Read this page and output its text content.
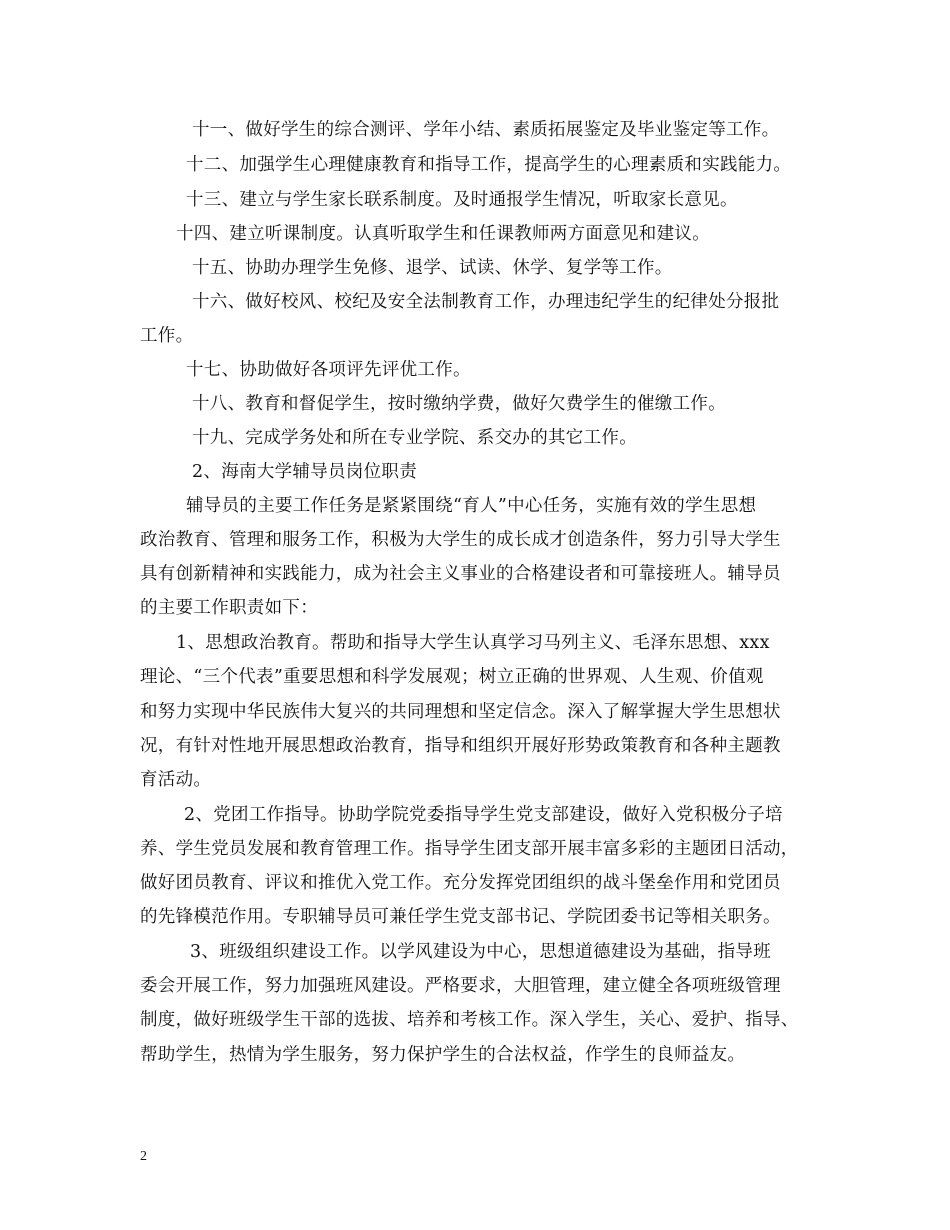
十一、做好学生的综合测评、学年小结、素质拓展鉴定及毕业鉴定等工作。
十二、加强学生心理健康教育和指导工作，提高学生的心理素质和实践能力。
十三、建立与学生家长联系制度。及时通报学生情况，听取家长意见。
十四、建立听课制度。认真听取学生和任课教师两方面意见和建议。
十五、协助办理学生免修、退学、试读、休学、复学等工作。
十六、做好校风、校纪及安全法制教育工作，办理违纪学生的纪律处分报批
工作。
十七、协助做好各项评先评优工作。
十八、教育和督促学生，按时缴纳学费，做好欠费学生的催缴工作。
十九、完成学务处和所在专业学院、系交办的其它工作。
2、海南大学辅导员岗位职责
辅导员的主要工作任务是紧紧围绕“育人”中心任务，实施有效的学生思想
政治教育、管理和服务工作，积极为大学生的成长成才创造条件，努力引导大学生
具有创新精神和实践能力，成为社会主义事业的合格建设者和可靠接班人。辅导员
的主要工作职责如下：
1、思想政治教育。帮助和指导大学生认真学习马列主义、毛泽东思想、xxx
理论、“三个代表”重要思想和科学发展观；树立正确的世界观、人生观、价值观
和努力实现中华民族伟大复兴的共同理想和坚定信念。深入了解掌握大学生思想状
况，有针对性地开展思想政治教育，指导和组织开展好形势政策教育和各种主题教
育活动。
2、党团工作指导。协助学院党委指导学生党支部建设，做好入党积极分子培
养、学生党员发展和教育管理工作。指导学生团支部开展丰富多彩的主题团日活动，
做好团员教育、评议和推优入党工作。充分发挥党团组织的战斗堡垒作用和党团员
的先锋模范作用。专职辅导员可兼任学生党支部书记、学院团委书记等相关职务。
3、班级组织建设工作。以学风建设为中心，思想道德建设为基础，指导班
委会开展工作，努力加强班风建设。严格要求，大胆管理，建立健全各项班级管理
制度，做好班级学生干部的选拔、培养和考核工作。深入学生，关心、爱护、指导、
帮助学生，热情为学生服务，努力保护学生的合法权益，作学生的良师益友。
2
